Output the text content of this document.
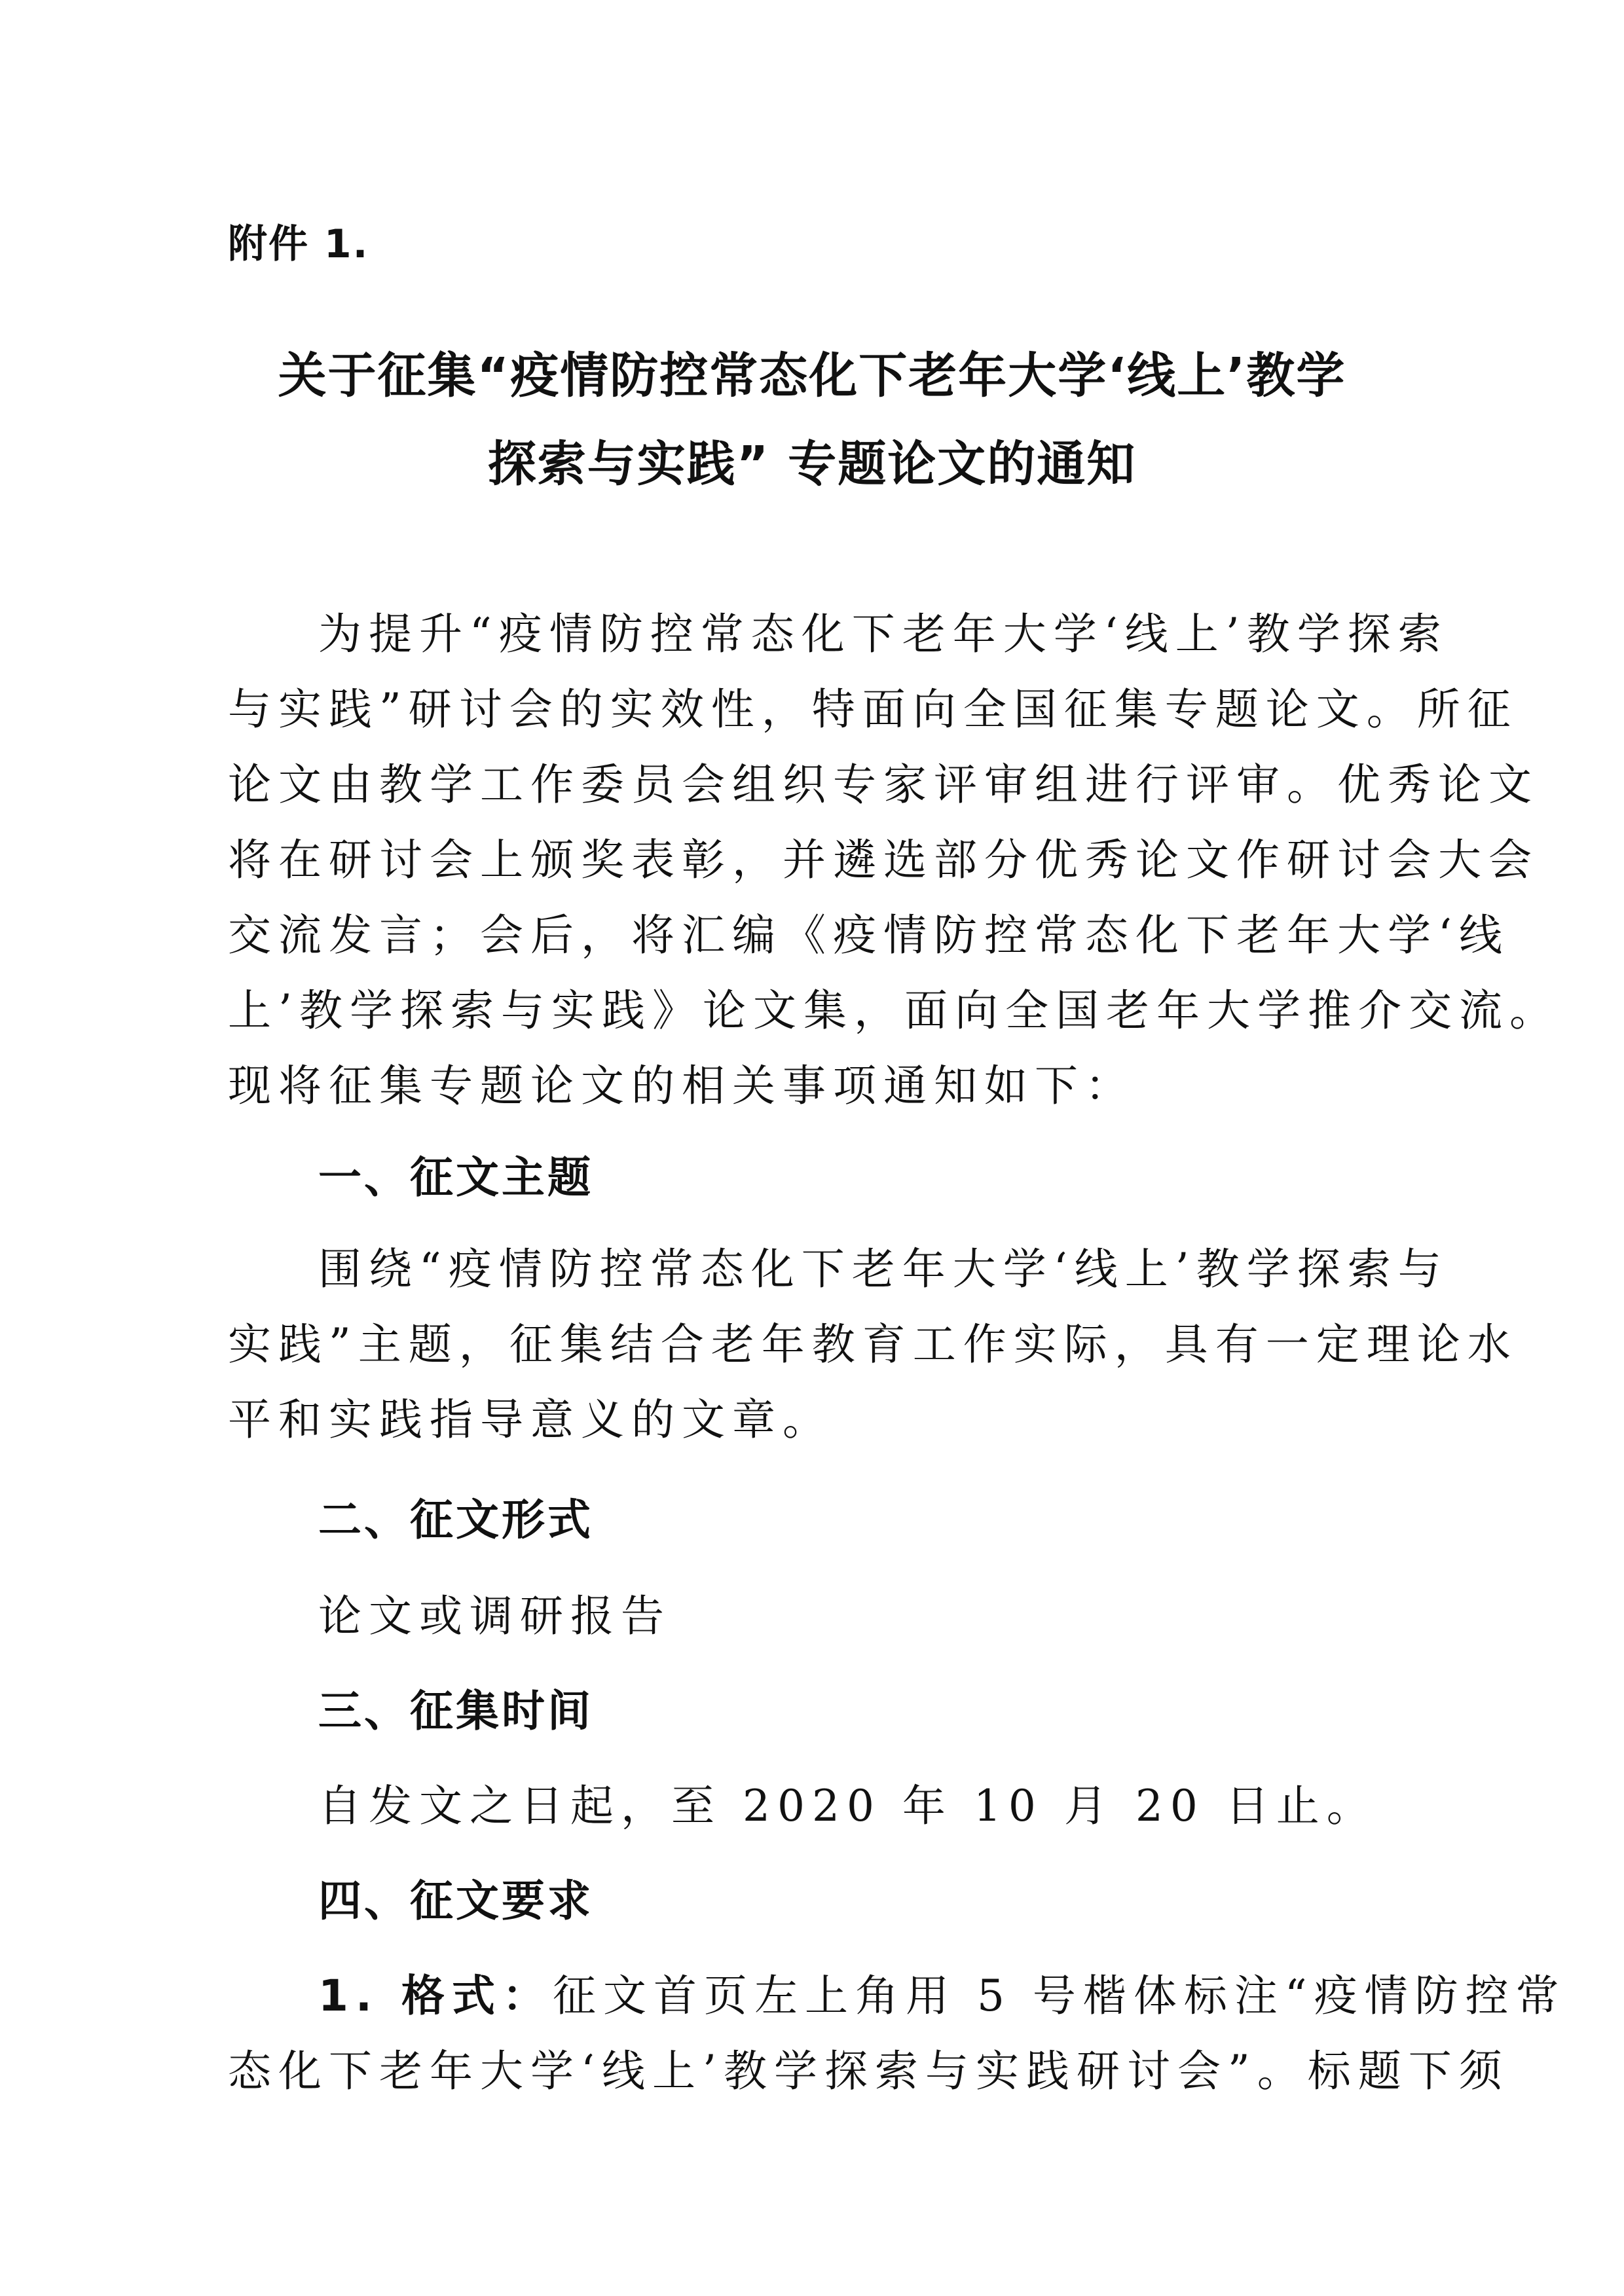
附件 1.
关于征集“疫情防控常态化下老年大学‘线上’教学
探索与实践” 专题论文的通知
为提升“疫情防控常态化下老年大学‘线上’教学探索
与实践”研讨会的实效性，特面向全国征集专题论文。所征
论文由教学工作委员会组织专家评审组进行评审。优秀论文
将在研讨会上颁奖表彰，并遴选部分优秀论文作研讨会大会
交流发言；会后，将汇编《疫情防控常态化下老年大学‘线
上’教学探索与实践》论文集，面向全国老年大学推介交流。
现将征集专题论文的相关事项通知如下：
一、征文主题
围绕“疫情防控常态化下老年大学‘线上’教学探索与
实践”主题，征集结合老年教育工作实际，具有一定理论水
平和实践指导意义的文章。
二、征文形式
论文或调研报告
三、征集时间
自发文之日起，至 2020 年 10 月 20 日止。
四、征文要求
1. 格式：征文首页左上角用 5 号楷体标注“疫情防控常
态化下老年大学‘线上’教学探索与实践研讨会”。标题下须
